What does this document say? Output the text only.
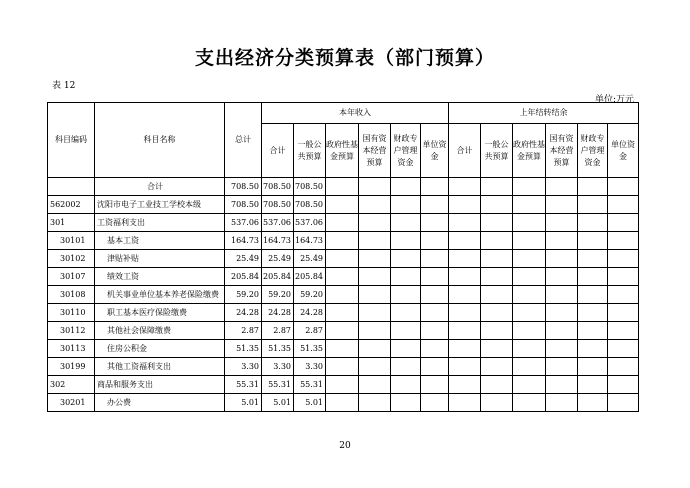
支出经济分类预算表（部门预算）
表 12
单位:万元
科目编码	科目名称	总计	本年收入						上年结转结余					
			合计	一般公共预算	政府性基金预算	国有资本经营预算	财政专户管理资金	单位资金	合计	一般公共预算	政府性基金预算	国有资本经营预算	财政专户管理资金	单位资金
	合计	708.50	708.50	708.50										
562002	沈阳市电子工业技工学校本级	708.50	708.50	708.50										
301	工资福利支出	537.06	537.06	537.06										
30101	基本工资	164.73	164.73	164.73										
30102	津贴补贴	25.49	25.49	25.49										
30107	绩效工资	205.84	205.84	205.84										
30108	机关事业单位基本养老保险缴费	59.20	59.20	59.20										
30110	职工基本医疗保险缴费	24.28	24.28	24.28										
30112	其他社会保障缴费	2.87	2.87	2.87										
30113	住房公积金	51.35	51.35	51.35										
30199	其他工资福利支出	3.30	3.30	3.30										
302	商品和服务支出	55.31	55.31	55.31										
30201	办公费	5.01	5.01	5.01										
20
